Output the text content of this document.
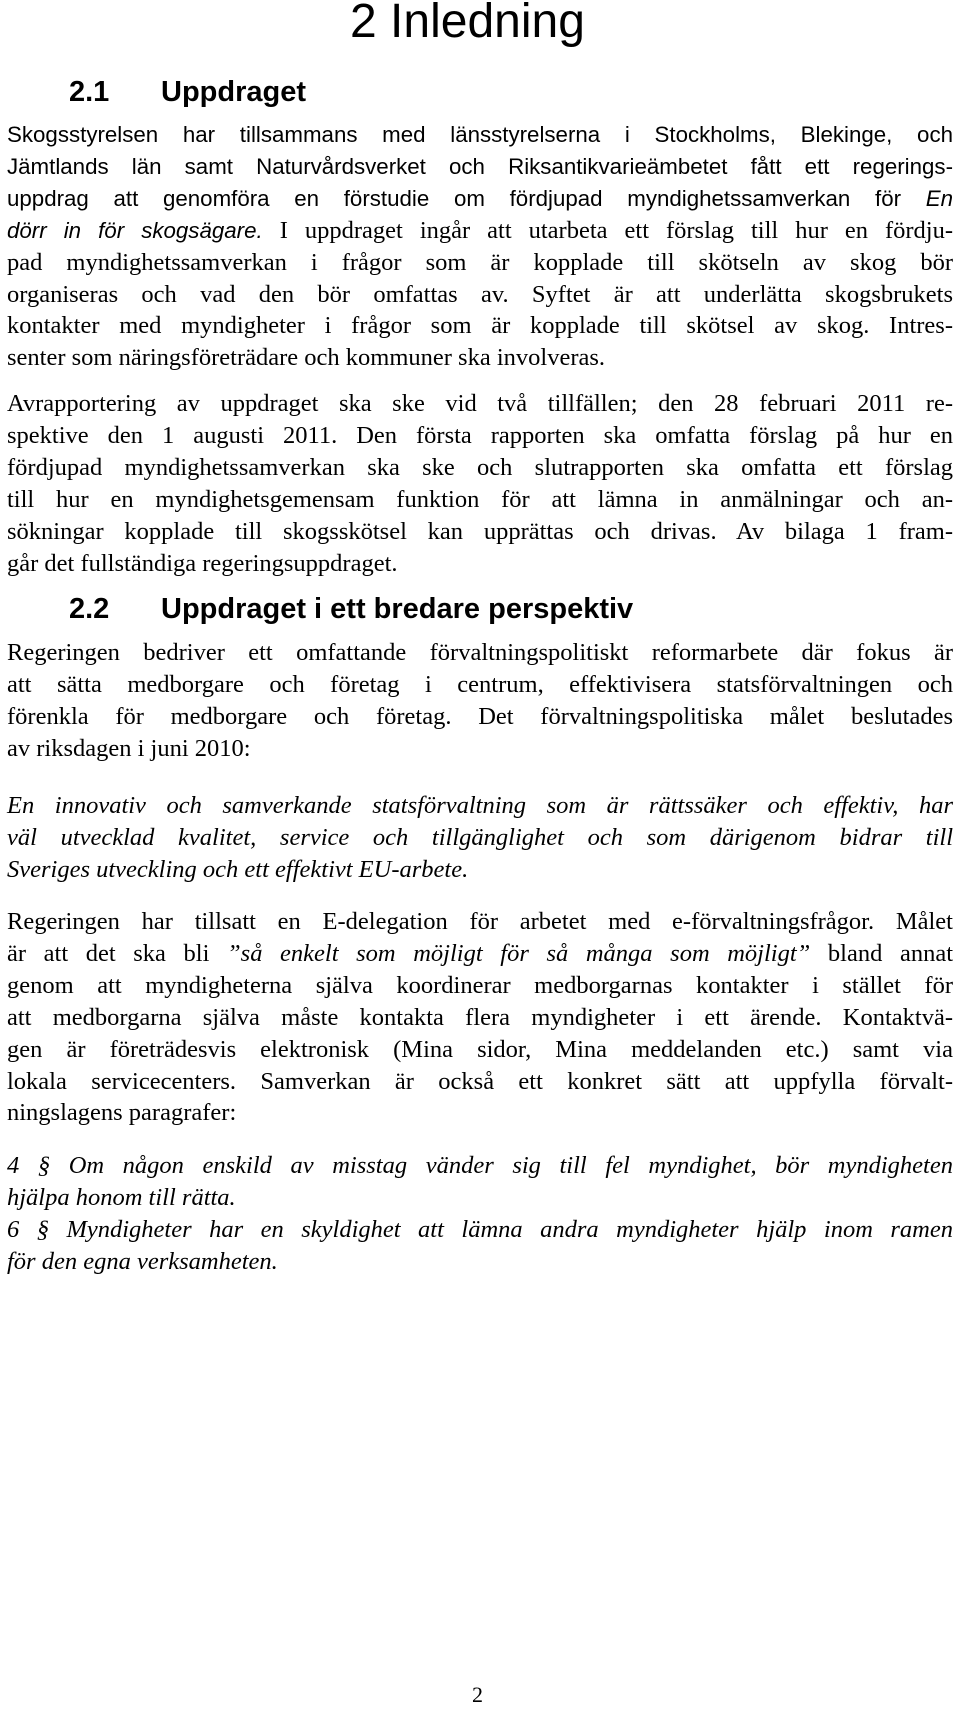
2 Inledning
2.1 Uppdraget
Skogsstyrelsen har tillsammans med länsstyrelserna i Stockholms, Blekinge, och
Jämtlands län samt Naturvårdsverket och Riksantikvarieämbetet fått ett regerings-
uppdrag att genomföra en förstudie om fördjupad myndighetssamverkan för En
dörr in för skogsägare. I uppdraget ingår att utarbeta ett förslag till hur en fördju-
pad myndighetssamverkan i frågor som är kopplade till skötseln av skog bör
organiseras och vad den bör omfattas av. Syftet är att underlätta skogsbrukets
kontakter med myndigheter i frågor som är kopplade till skötsel av skog. Intres-
senter som näringsföreträdare och kommuner ska involveras.
Avrapportering av uppdraget ska ske vid två tillfällen; den 28 februari 2011 re-
spektive den 1 augusti 2011. Den första rapporten ska omfatta förslag på hur en
fördjupad myndighetssamverkan ska ske och slutrapporten ska omfatta ett förslag
till hur en myndighetsgemensam funktion för att lämna in anmälningar och an-
sökningar kopplade till skogsskötsel kan upprättas och drivas. Av bilaga 1 fram-
går det fullständiga regeringsuppdraget.
2.2 Uppdraget i ett bredare perspektiv
Regeringen bedriver ett omfattande förvaltningspolitiskt reformarbete där fokus är
att sätta medborgare och företag i centrum, effektivisera statsförvaltningen och
förenkla för medborgare och företag. Det förvaltningspolitiska målet beslutades
av riksdagen i juni 2010:
En innovativ och samverkande statsförvaltning som är rättssäker och effektiv, har
väl utvecklad kvalitet, service och tillgänglighet och som därigenom bidrar till
Sveriges utveckling och ett effektivt EU-arbete.
Regeringen har tillsatt en E-delegation för arbetet med e-förvaltningsfrågor. Målet
är att det ska bli ”så enkelt som möjligt för så många som möjligt” bland annat
genom att myndigheterna själva koordinerar medborgarnas kontakter i stället för
att medborgarna själva måste kontakta flera myndigheter i ett ärende. Kontaktvä-
gen är företrädesvis elektronisk (Mina sidor, Mina meddelanden etc.) samt via
lokala servicecenters. Samverkan är också ett konkret sätt att uppfylla förvalt-
ningslagens paragrafer:
4 § Om någon enskild av misstag vänder sig till fel myndighet, bör myndigheten
hjälpa honom till rätta.
6 § Myndigheter har en skyldighet att lämna andra myndigheter hjälp inom ramen
för den egna verksamheten.
2
